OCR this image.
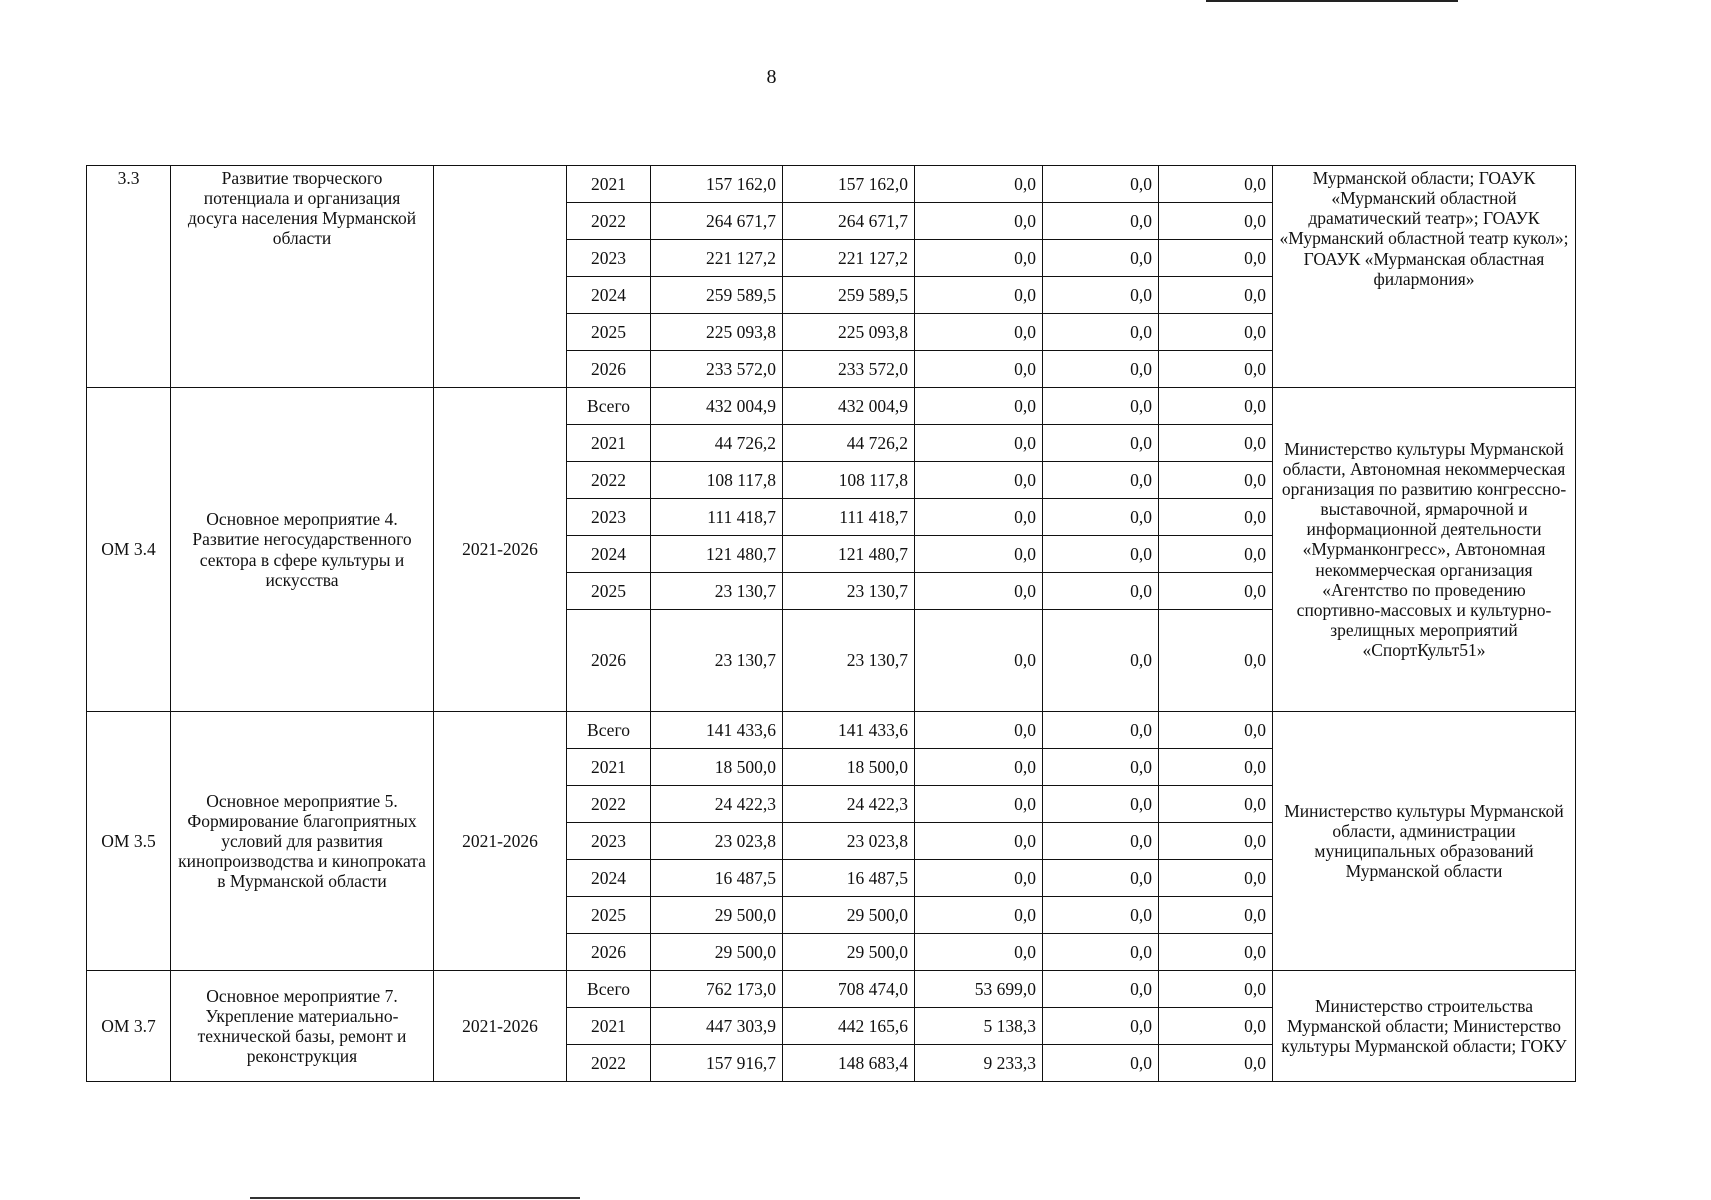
8
3.3	Развитие творческого потенциала и организация досуга населения Мурманской области		2021	157 162,0	157 162,0	0,0	0,0	0,0	Мурманской области; ГОАУК «Мурманский областной драматический театр»; ГОАУК «Мурманский областной театр кукол»; ГОАУК «Мурманская областная филармония»
			2022	264 671,7	264 671,7	0,0	0,0	0,0	
			2023	221 127,2	221 127,2	0,0	0,0	0,0	
			2024	259 589,5	259 589,5	0,0	0,0	0,0	
			2025	225 093,8	225 093,8	0,0	0,0	0,0	
			2026	233 572,0	233 572,0	0,0	0,0	0,0	
ОМ 3.4	Основное мероприятие 4. Развитие негосударственного сектора в сфере культуры и искусства	2021-2026	Всего	432 004,9	432 004,9	0,0	0,0	0,0	Министерство культуры Мурманской области, Автономная некоммерческая организация по развитию конгрессно-выставочной, ярмарочной и информационной деятельности «Мурманконгресс», Автономная некоммерческая организация «Агентство по проведению спортивно-массовых и культурно-зрелищных мероприятий «СпортКульт51»
			2021	44 726,2	44 726,2	0,0	0,0	0,0	
			2022	108 117,8	108 117,8	0,0	0,0	0,0	
			2023	111 418,7	111 418,7	0,0	0,0	0,0	
			2024	121 480,7	121 480,7	0,0	0,0	0,0	
			2025	23 130,7	23 130,7	0,0	0,0	0,0	
			2026	23 130,7	23 130,7	0,0	0,0	0,0	
ОМ 3.5	Основное мероприятие 5. Формирование благоприятных условий для развития кинопроизводства и кинопроката в Мурманской области	2021-2026	Всего	141 433,6	141 433,6	0,0	0,0	0,0	Министерство культуры Мурманской области, администрации муниципальных образований Мурманской области
			2021	18 500,0	18 500,0	0,0	0,0	0,0	
			2022	24 422,3	24 422,3	0,0	0,0	0,0	
			2023	23 023,8	23 023,8	0,0	0,0	0,0	
			2024	16 487,5	16 487,5	0,0	0,0	0,0	
			2025	29 500,0	29 500,0	0,0	0,0	0,0	
			2026	29 500,0	29 500,0	0,0	0,0	0,0	
ОМ 3.7	Основное мероприятие 7. Укрепление материально-технической базы, ремонт и реконструкция	2021-2026	Всего	762 173,0	708 474,0	53 699,0	0,0	0,0	Министерство строительства Мурманской области; Министерство культуры Мурманской области; ГОКУ
			2021	447 303,9	442 165,6	5 138,3	0,0	0,0	
			2022	157 916,7	148 683,4	9 233,3	0,0	0,0	
